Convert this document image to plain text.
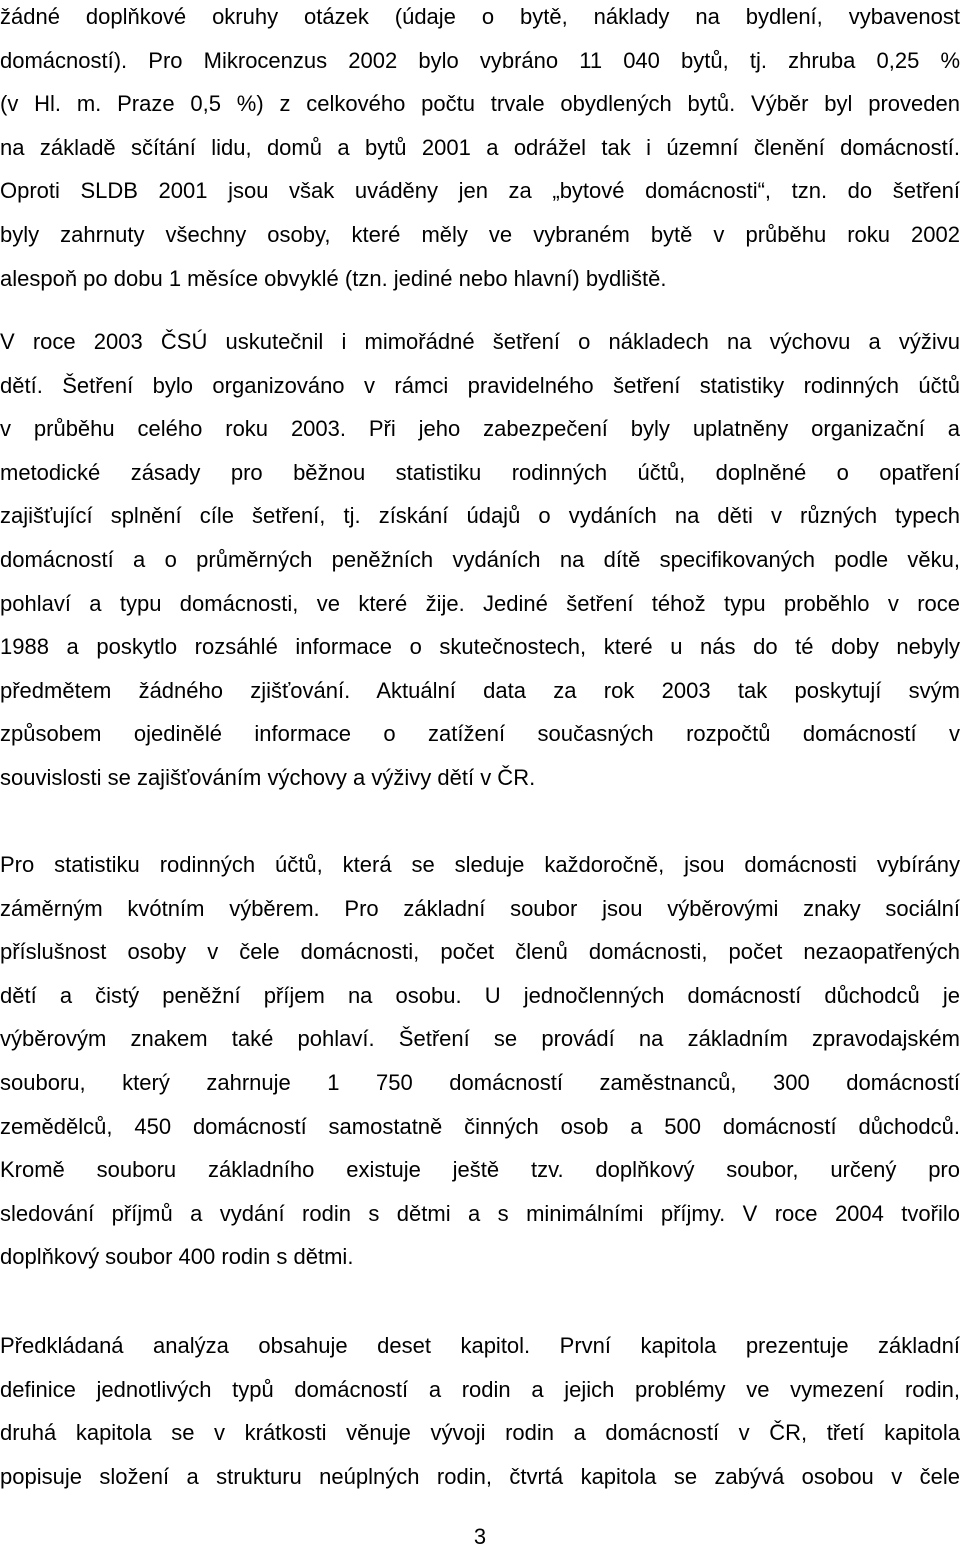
žádné doplňkové okruhy otázek (údaje o bytě, náklady na bydlení, vybavenost
domácností). Pro Mikrocenzus 2002 bylo vybráno 11 040 bytů, tj. zhruba 0,25 %
(v Hl. m. Praze 0,5 %) z celkového počtu trvale obydlených bytů. Výběr byl proveden
na základě sčítání lidu, domů a bytů 2001 a odrážel tak i územní členění domácností.
Oproti SLDB 2001 jsou však uváděny jen za „bytové domácnosti“, tzn. do šetření
byly zahrnuty všechny osoby, které měly ve vybraném bytě v průběhu roku 2002
alespoň po dobu 1 měsíce obvyklé (tzn. jediné nebo hlavní) bydliště.
V roce 2003 ČSÚ uskutečnil i mimořádné šetření o nákladech na výchovu a výživu
dětí. Šetření bylo organizováno v rámci pravidelného šetření statistiky rodinných účtů
v průběhu celého roku 2003. Při jeho zabezpečení byly uplatněny organizační a
metodické zásady pro běžnou statistiku rodinných účtů, doplněné o opatření
zajišťující splnění cíle šetření, tj. získání údajů o vydáních na děti v různých typech
domácností a o průměrných peněžních vydáních na dítě specifikovaných podle věku,
pohlaví a typu domácnosti, ve které žije. Jediné šetření téhož typu proběhlo v roce
1988 a poskytlo rozsáhlé informace o skutečnostech, které u nás do té doby nebyly
předmětem žádného zjišťování. Aktuální data za rok 2003 tak poskytují svým
způsobem ojedinělé informace o zatížení současných rozpočtů domácností v
souvislosti se zajišťováním výchovy a výživy dětí v ČR.
Pro statistiku rodinných účtů, která se sleduje každoročně, jsou domácnosti vybírány
záměrným kvótním výběrem. Pro základní soubor jsou výběrovými znaky sociální
příslušnost osoby v čele domácnosti, počet členů domácnosti, počet nezaopatřených
dětí a čistý peněžní příjem na osobu. U jednočlenných domácností důchodců je
výběrovým znakem také pohlaví. Šetření se provádí na základním zpravodajském
souboru, který zahrnuje 1 750 domácností zaměstnanců, 300 domácností
zemědělců, 450 domácností samostatně činných osob a 500 domácností důchodců.
Kromě souboru základního existuje ještě tzv. doplňkový soubor, určený pro
sledování příjmů a vydání rodin s dětmi a s minimálními příjmy. V roce 2004 tvořilo
doplňkový soubor 400 rodin s dětmi.
Předkládaná analýza obsahuje deset kapitol. První kapitola prezentuje základní
definice jednotlivých typů domácností a rodin a jejich problémy ve vymezení rodin,
druhá kapitola se v krátkosti věnuje vývoji rodin a domácností v ČR, třetí kapitola
popisuje složení a strukturu neúplných rodin, čtvrtá kapitola se zabývá osobou v čele
3
